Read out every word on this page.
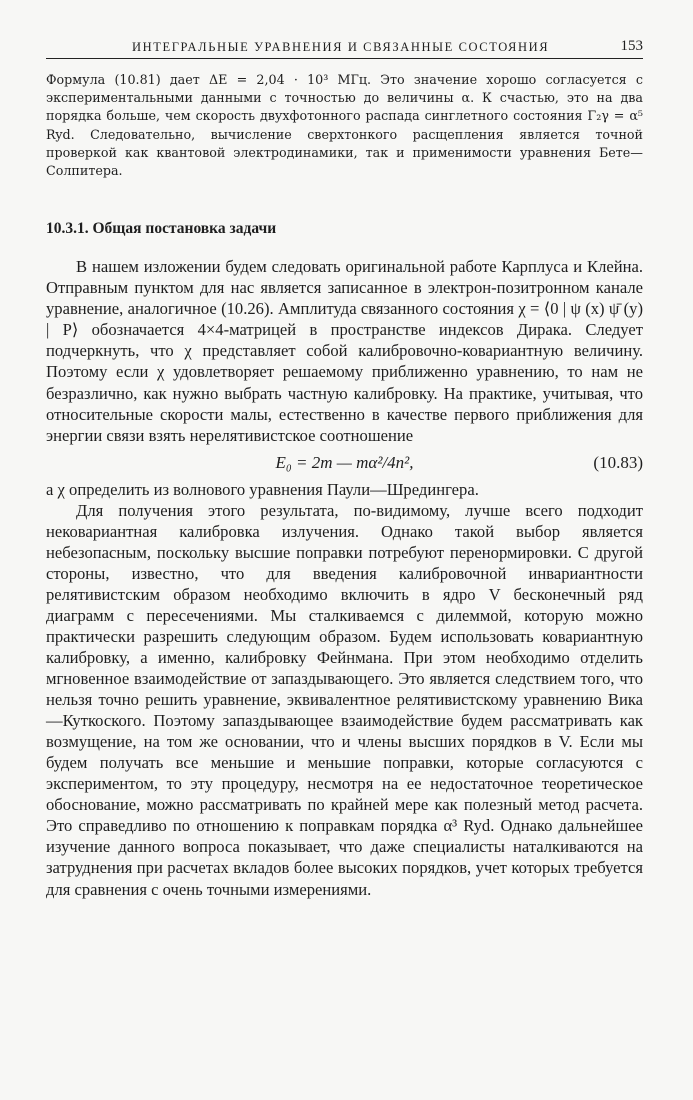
ИНТЕГРАЛЬНЫЕ УРАВНЕНИЯ И СВЯЗАННЫЕ СОСТОЯНИЯ	153

Формула (10.81) дает ΔE = 2,04 · 10³ МГц. Это значение хорошо согласуется с экспериментальными данными с точностью до величины α. К счастью, это на два порядка больше, чем скорость двухфотонного распада синглетного состояния Γ₂γ = α⁵ Ryd. Следовательно, вычисление сверхтонкого расщепления является точной проверкой как квантовой электродинамики, так и применимости уравнения Бете—Солпитера.

10.3.1. Общая постановка задачи

В нашем изложении будем следовать оригинальной работе Карплуса и Клейна. Отправным пунктом для нас является записанное в электрон-позитронном канале уравнение, аналогичное (10.26). Амплитуда связанного состояния χ = ⟨0 | ψ (x) ψ̄ (y) | P⟩ обозначается 4×4-матрицей в пространстве индексов Дирака. Следует подчеркнуть, что χ представляет собой калибровочно-ковариантную величину. Поэтому если χ удовлетворяет решаемому приближенно уравнению, то нам не безразлично, как нужно выбрать частную калибровку. На практике, учитывая, что относительные скорости малы, естественно в качестве первого приближения для энергии связи взять нерелятивистское соотношение

E₀ = 2m — mα²/4n²,	(10.83)

а χ определить из волнового уравнения Паули—Шредингера.

Для получения этого результата, по-видимому, лучше всего подходит нековариантная калибровка излучения. Однако такой выбор является небезопасным, поскольку высшие поправки потребуют перенормировки. С другой стороны, известно, что для введения калибровочной инвариантности релятивистским образом необходимо включить в ядро V бесконечный ряд диаграмм с пересечениями. Мы сталкиваемся с дилеммой, которую можно практически разрешить следующим образом. Будем использовать ковариантную калибровку, а именно, калибровку Фейнмана. При этом необходимо отделить мгновенное взаимодействие от запаздывающего. Это является следствием того, что нельзя точно решить уравнение, эквивалентное релятивистскому уравнению Вика—Куткоского. Поэтому запаздывающее взаимодействие будем рассматривать как возмущение, на том же основании, что и члены высших порядков в V. Если мы будем получать все меньшие и меньшие поправки, которые согласуются с экспериментом, то эту процедуру, несмотря на ее недостаточное теоретическое обоснование, можно рассматривать по крайней мере как полезный метод расчета. Это справедливо по отношению к поправкам порядка α³ Ryd. Однако дальнейшее изучение данного вопроса показывает, что даже специалисты наталкиваются на затруднения при расчетах вкладов более высоких порядков, учет которых требуется для сравнения с очень точными измерениями.
